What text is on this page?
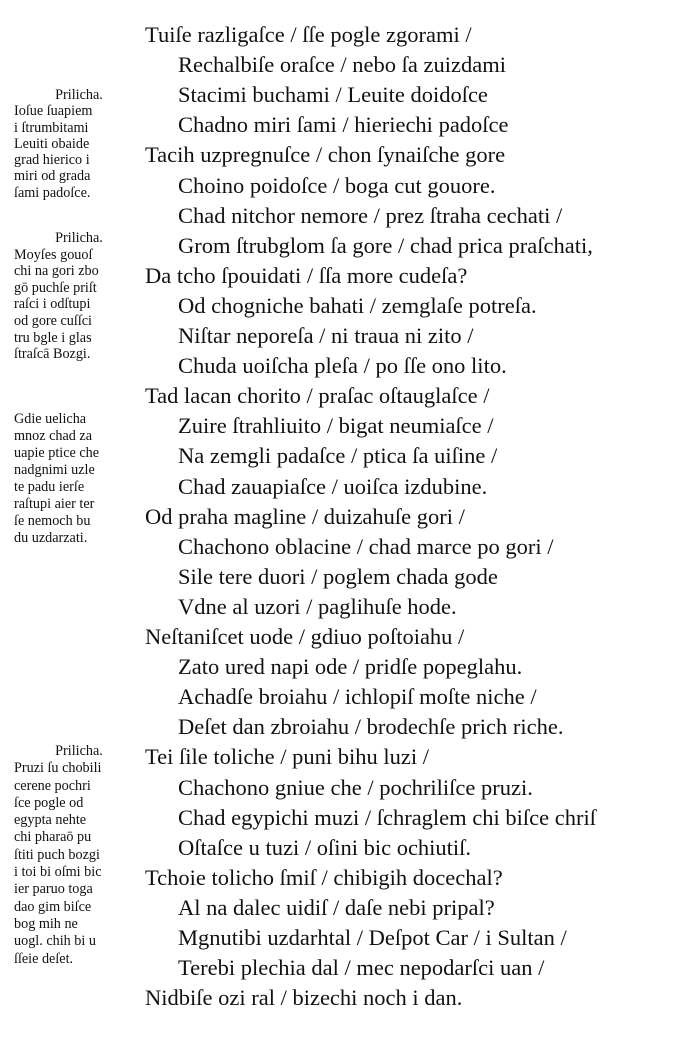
Tuiſe razligaſce / ſſe pogle zgorami /
Rechalbiſe oraſce / nebo ſa zuizdami
Stacimi buchami / Leuite doidoſce
Chadno miri ſami / hieriechi padoſce
Tacih uzpregnuſce / chon ſynaiſche gore
Choino poidoſce / boga cut gouore.
Chad nitchor nemore / prez ſtraha cechati /
Grom ſtrubglom ſa gore / chad prica praſchati,
Da tcho ſpouidati / ſſa more cudeſa?
Od chogniche bahati / zemglaſe potreſa.
Niſtar neporeſa / ni traua ni zito /
Chuda uoiſcha pleſa / po ſſe ono lito.
Tad lacan chorito / praſac oſtauglaſce /
Zuire ſtrahliuito / bigat neumiaſce /
Na zemgli padaſce / ptica ſa uiſine /
Chad zauapiaſce / uoiſca izdubine.
Od praha magline / duizahuſe gori /
Chachono oblacine / chad marce po gori /
Sile tere duori / poglem chada gode
Vdne al uzori / paglihuſe hode.
Neſtaniſcet uode / gdiuo poſtoiahu /
Zato ured napi ode / pridſe popeglahu.
Achadſe broiahu / ichlopiſ moſte niche /
Deſet dan zbroiahu / brodechſe prich riche.
Tei ſile toliche / puni bihu luzi /
Chachono gniue che / pochriliſce pruzi.
Chad egypichi muzi / ſchraglem chi biſce chriſ
Oſtaſce u tuzi / oſini bic ochiutiſ.
Tchoie tolicho ſmiſ / chibigih docechal?
Al na dalec uidiſ / daſe nebi pripal?
Mgnutibi uzdarhtal / Deſpot Car / i Sultan /
Terebi plechia dal / mec nepodarſci uan /
Nidbiſe ozi ral / bizechi noch i dan.
Prilicha.
Ioſue ſuapiem
i ſtrumbitami
Leuiti obaide
grad hierico i
miri od grada
ſami padoſce.
Prilicha.
Moyſes gouoſ
chi na gori zbo
gō puchſe priſt
raſci i odſtupi
od gore cuſſci
tru bgle i glas
ſtraſcā Bozgi.
Gdie uelicha
mnoz chad za
uapie ptice che
nadgnimi uzle
te padu ierſe
raſtupi aier ter
ſe nemoch bu
du uzdarzati.
Prilicha.
Pruzi ſu chobili
cerene pochri
ſce pogle od
egypta nehte
chi pharaō pu
ſtiti puch bozgi
i toi bi oſmi bic
ier paruo toga
dao gim biſce
bog mih ne
uogl. chih bi u
ſſeie deſet.
